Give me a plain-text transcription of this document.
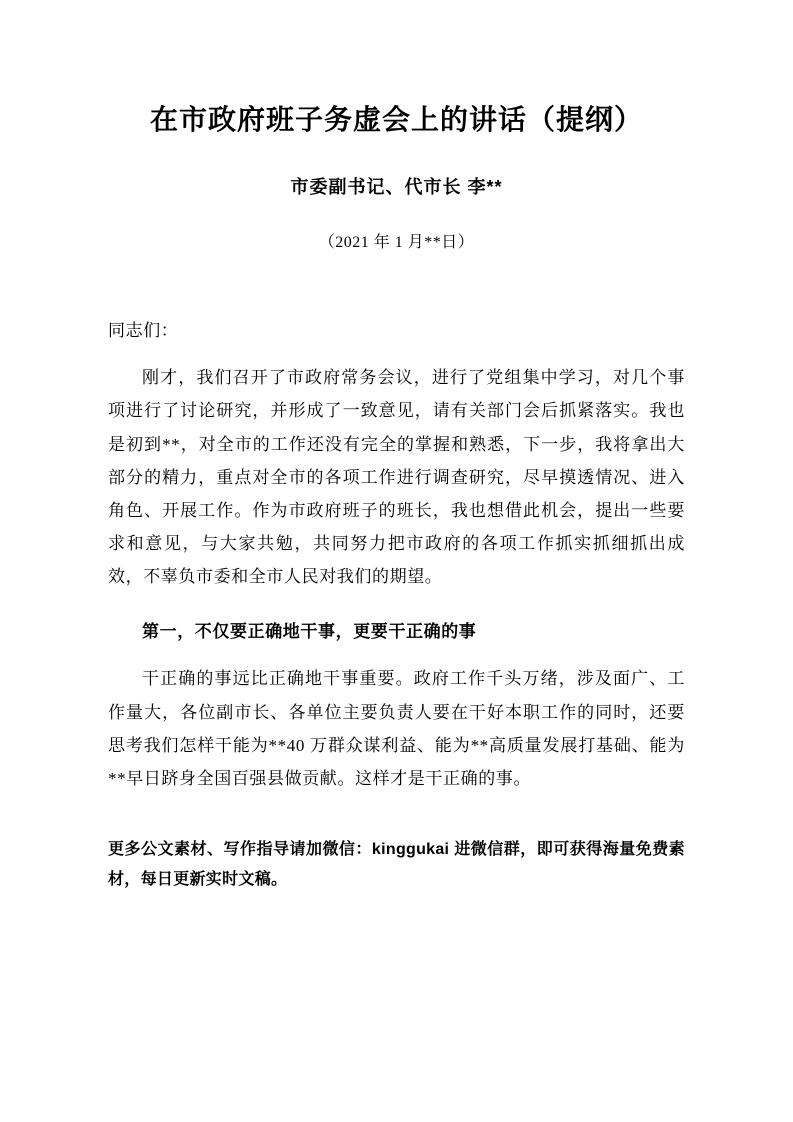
在市政府班子务虚会上的讲话（提纲）
市委副书记、代市长 李**
（2021 年 1 月**日）
同志们：

刚才，我们召开了市政府常务会议，进行了党组集中学习，对几个事项进行了讨论研究，并形成了一致意见，请有关部门会后抓紧落实。我也是初到**，对全市的工作还没有完全的掌握和熟悉，下一步，我将拿出大部分的精力，重点对全市的各项工作进行调查研究，尽早摸透情况、进入角色、开展工作。作为市政府班子的班长，我也想借此机会，提出一些要求和意见，与大家共勉，共同努力把市政府的各项工作抓实抓细抓出成效，不辜负市委和全市人民对我们的期望。

第一，不仅要正确地干事，更要干正确的事

干正确的事远比正确地干事重要。政府工作千头万绪，涉及面广、工作量大，各位副市长、各单位主要负责人要在干好本职工作的同时，还要思考我们怎样干能为**40 万群众谋利益、能为**高质量发展打基础、能为**早日跻身全国百强县做贡献。这样才是干正确的事。

更多公文素材、写作指导请加微信：kinggukai 进微信群，即可获得海量免费素材，每日更新实时文稿。
